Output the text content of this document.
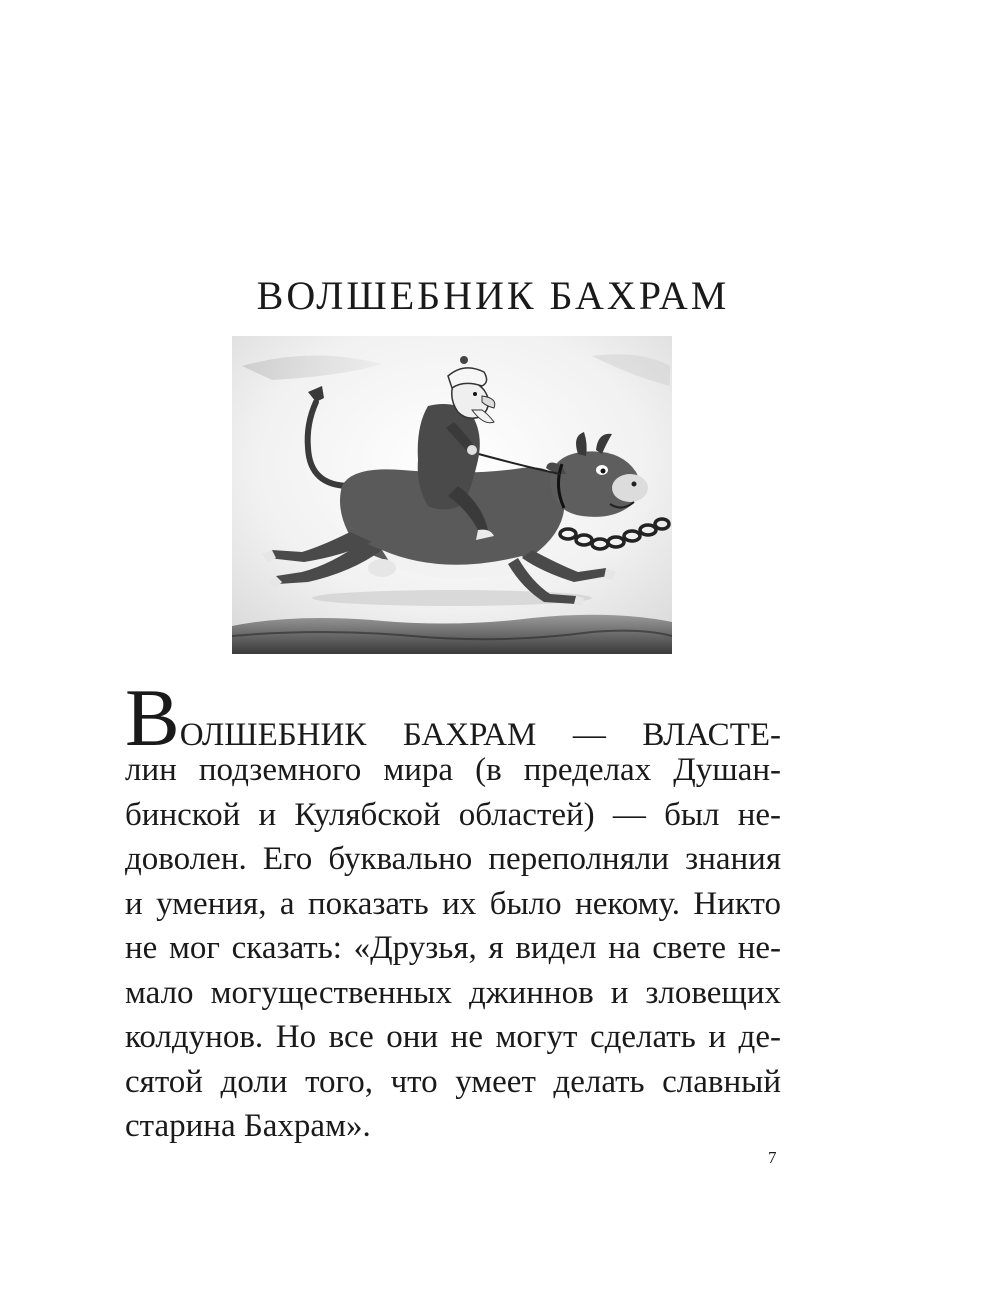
ВОЛШЕБНИК БАХРАМ
ВОЛШЕБНИК БАХРАМ — ВЛАСТЕ-
лин подземного мира (в пределах Душан-
бинской и Кулябской областей) — был не-
доволен. Его буквально переполняли знания
и умения, а показать их было некому. Никто
не мог сказать: «Друзья, я видел на свете не-
мало могущественных джиннов и зловещих
колдунов. Но все они не могут сделать и де-
сятой доли того, что умеет делать славный
старина Бахрам».
7
